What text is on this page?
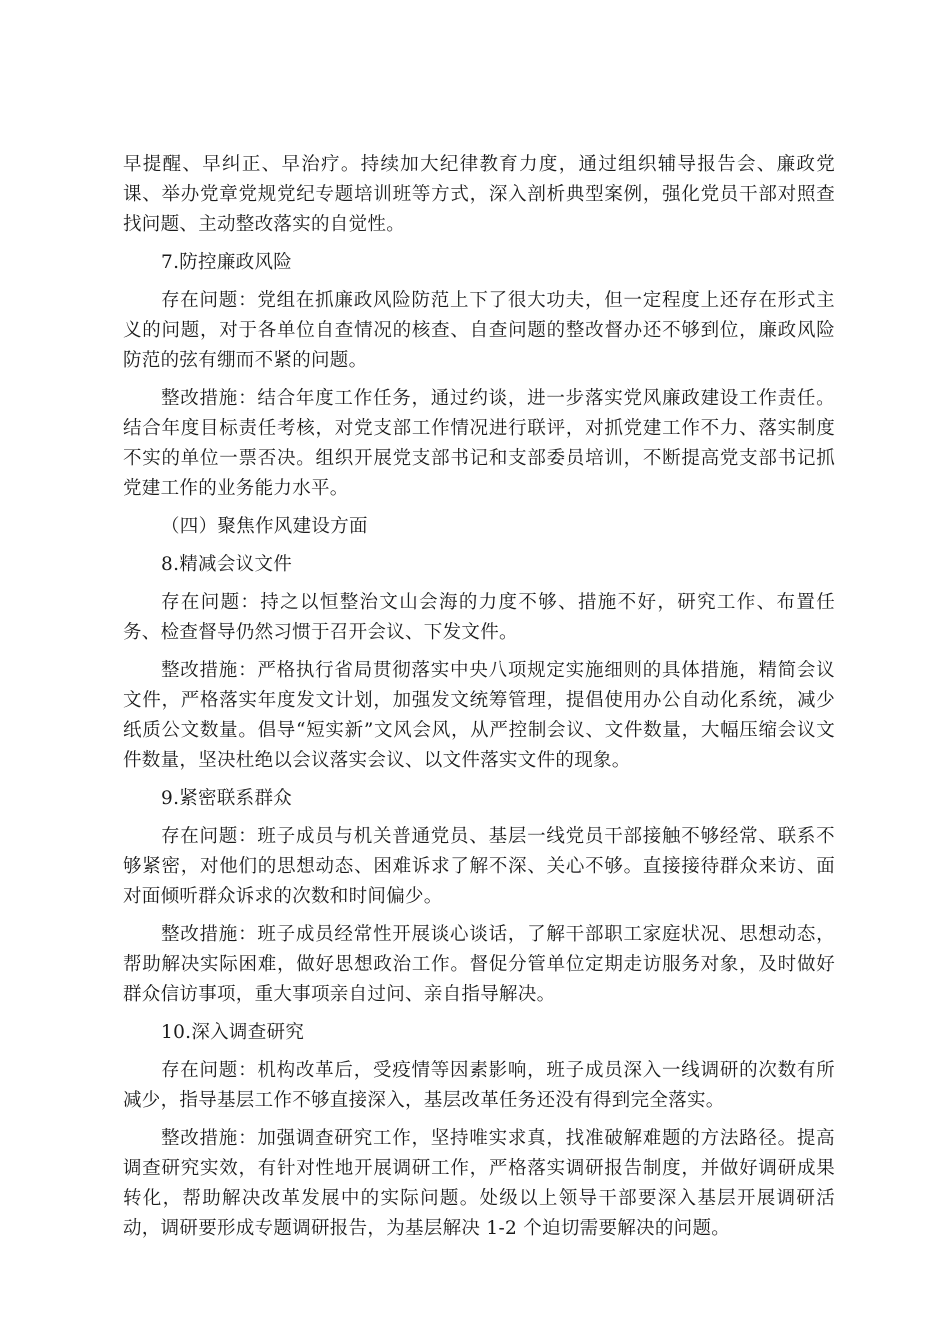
早提醒、早纠正、早治疗。持续加大纪律教育力度，通过组织辅导报告会、廉政党课、举办党章党规党纪专题培训班等方式，深入剖析典型案例，强化党员干部对照查找问题、主动整改落实的自觉性。

7.防控廉政风险

存在问题：党组在抓廉政风险防范上下了很大功夫，但一定程度上还存在形式主义的问题，对于各单位自查情况的核查、自查问题的整改督办还不够到位，廉政风险防范的弦有绷而不紧的问题。

整改措施：结合年度工作任务，通过约谈，进一步落实党风廉政建设工作责任。结合年度目标责任考核，对党支部工作情况进行联评，对抓党建工作不力、落实制度不实的单位一票否决。组织开展党支部书记和支部委员培训，不断提高党支部书记抓党建工作的业务能力水平。

（四）聚焦作风建设方面

8.精减会议文件

存在问题：持之以恒整治文山会海的力度不够、措施不好，研究工作、布置任务、检查督导仍然习惯于召开会议、下发文件。

整改措施：严格执行省局贯彻落实中央八项规定实施细则的具体措施，精简会议文件，严格落实年度发文计划，加强发文统筹管理，提倡使用办公自动化系统，减少纸质公文数量。倡导“短实新”文风会风，从严控制会议、文件数量，大幅压缩会议文件数量，坚决杜绝以会议落实会议、以文件落实文件的现象。

9.紧密联系群众

存在问题：班子成员与机关普通党员、基层一线党员干部接触不够经常、联系不够紧密，对他们的思想动态、困难诉求了解不深、关心不够。直接接待群众来访、面对面倾听群众诉求的次数和时间偏少。

整改措施：班子成员经常性开展谈心谈话，了解干部职工家庭状况、思想动态，帮助解决实际困难，做好思想政治工作。督促分管单位定期走访服务对象，及时做好群众信访事项，重大事项亲自过问、亲自指导解决。

10.深入调查研究

存在问题：机构改革后，受疫情等因素影响，班子成员深入一线调研的次数有所减少，指导基层工作不够直接深入，基层改革任务还没有得到完全落实。

整改措施：加强调查研究工作，坚持唯实求真，找准破解难题的方法路径。提高调查研究实效，有针对性地开展调研工作，严格落实调研报告制度，并做好调研成果转化，帮助解决改革发展中的实际问题。处级以上领导干部要深入基层开展调研活动，调研要形成专题调研报告，为基层解决 1-2 个迫切需要解决的问题。
